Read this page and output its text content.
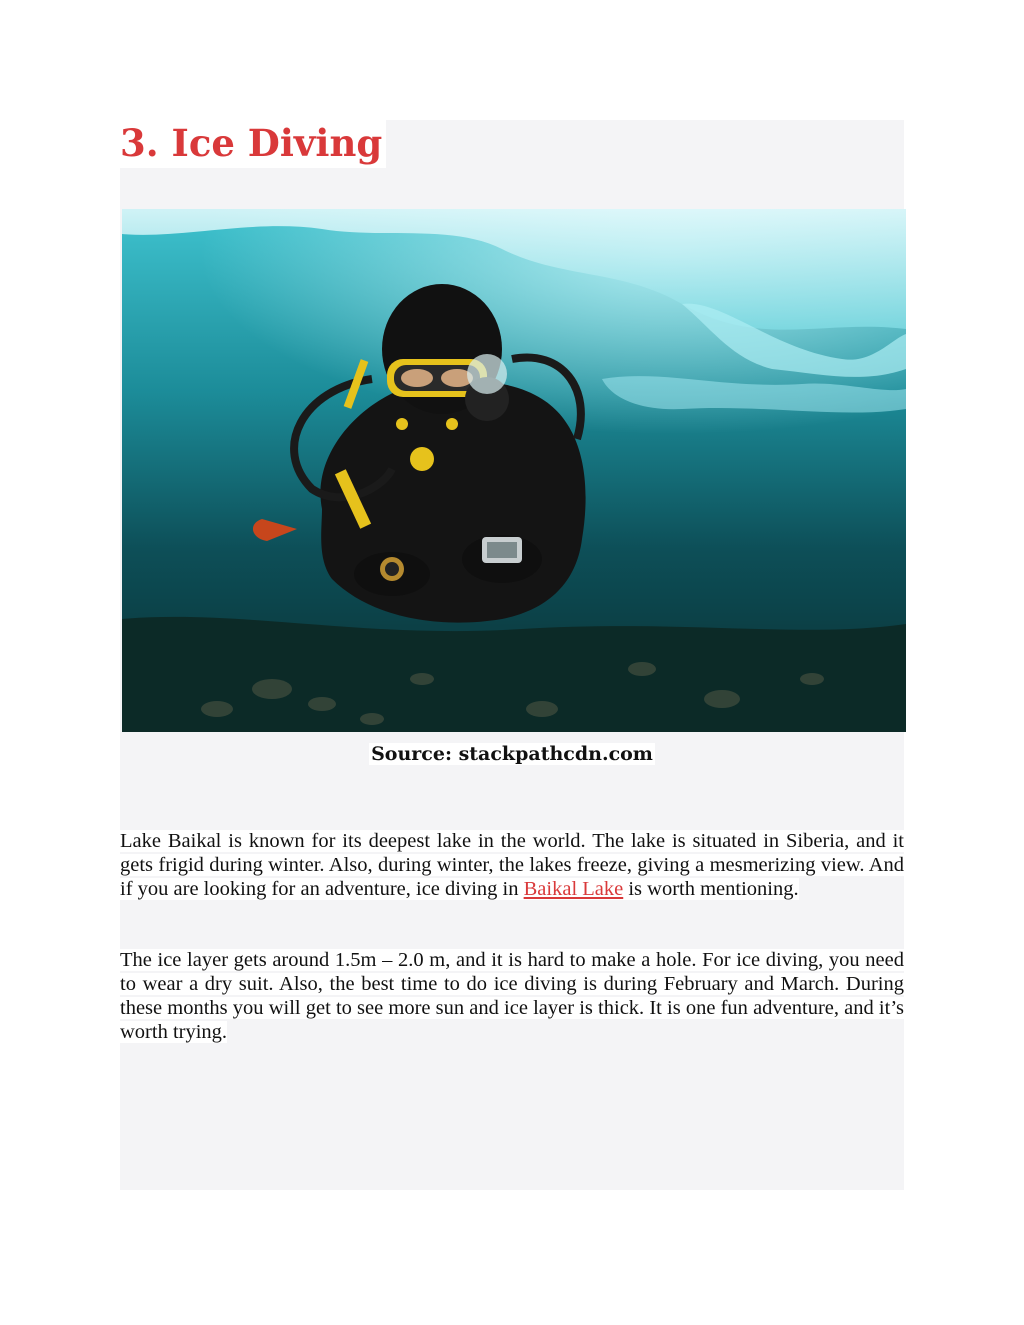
3. Ice Diving

Source: stackpathcdn.com

Lake Baikal is known for its deepest lake in the world. The lake is situated in Siberia, and it gets frigid during winter. Also, during winter, the lakes freeze, giving a mesmerizing view. And if you are looking for an adventure, ice diving in Baikal Lake is worth mentioning.

The ice layer gets around 1.5m – 2.0 m, and it is hard to make a hole. For ice diving, you need to wear a dry suit. Also, the best time to do ice diving is during February and March. During these months you will get to see more sun and ice layer is thick. It is one fun adventure, and it’s worth trying.
